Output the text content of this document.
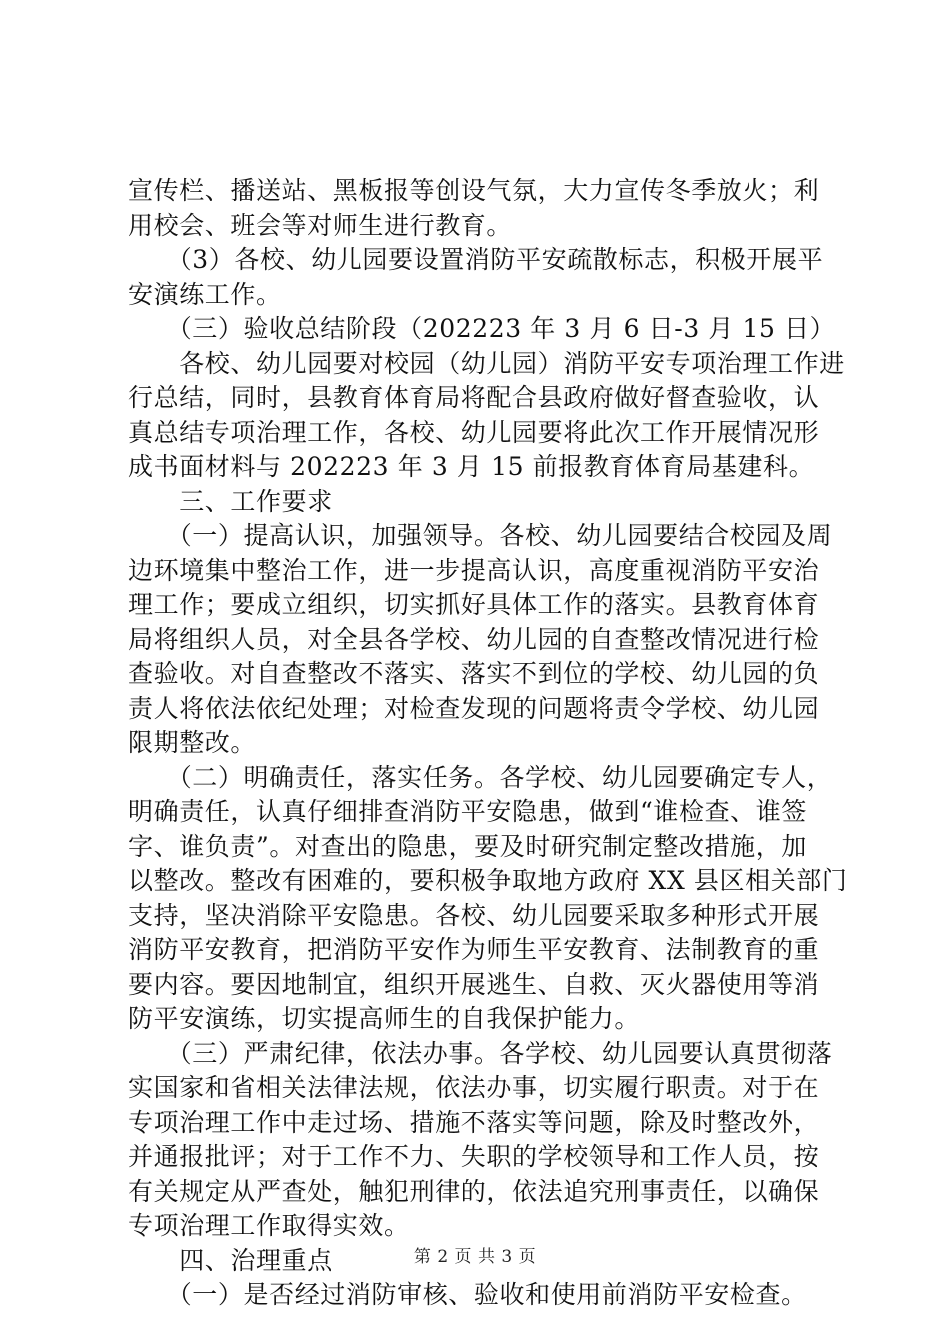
宣传栏、播送站、黑板报等创设气氛，大力宣传冬季放火；利
用校会、班会等对师生进行教育。
　　（3）各校、幼儿园要设置消防平安疏散标志，积极开展平
安演练工作。
　　（三）验收总结阶段（202223 年 3 月 6 日-3 月 15 日）
　　各校、幼儿园要对校园（幼儿园）消防平安专项治理工作进
行总结，同时，县教育体育局将配合县政府做好督查验收，认
真总结专项治理工作，各校、幼儿园要将此次工作开展情况形
成书面材料与 202223 年 3 月 15 前报教育体育局基建科。
　　三、工作要求
　　（一）提高认识，加强领导。各校、幼儿园要结合校园及周
边环境集中整治工作，进一步提高认识，高度重视消防平安治
理工作；要成立组织，切实抓好具体工作的落实。县教育体育
局将组织人员，对全县各学校、幼儿园的自查整改情况进行检
查验收。对自查整改不落实、落实不到位的学校、幼儿园的负
责人将依法依纪处理；对检查发现的问题将责令学校、幼儿园
限期整改。
　　（二）明确责任，落实任务。各学校、幼儿园要确定专人，
明确责任，认真仔细排查消防平安隐患，做到“谁检查、谁签
字、谁负责”。对查出的隐患，要及时研究制定整改措施，加
以整改。整改有困难的，要积极争取地方政府 XX 县区相关部门
支持，坚决消除平安隐患。各校、幼儿园要采取多种形式开展
消防平安教育，把消防平安作为师生平安教育、法制教育的重
要内容。要因地制宜，组织开展逃生、自救、灭火器使用等消
防平安演练，切实提高师生的自我保护能力。
　　（三）严肃纪律，依法办事。各学校、幼儿园要认真贯彻落
实国家和省相关法律法规，依法办事，切实履行职责。对于在
专项治理工作中走过场、措施不落实等问题，除及时整改外，
并通报批评；对于工作不力、失职的学校领导和工作人员，按
有关规定从严查处，触犯刑律的，依法追究刑事责任，以确保
专项治理工作取得实效。
　　四、治理重点
　　（一）是否经过消防审核、验收和使用前消防平安检查。
第 2 页 共 3 页
